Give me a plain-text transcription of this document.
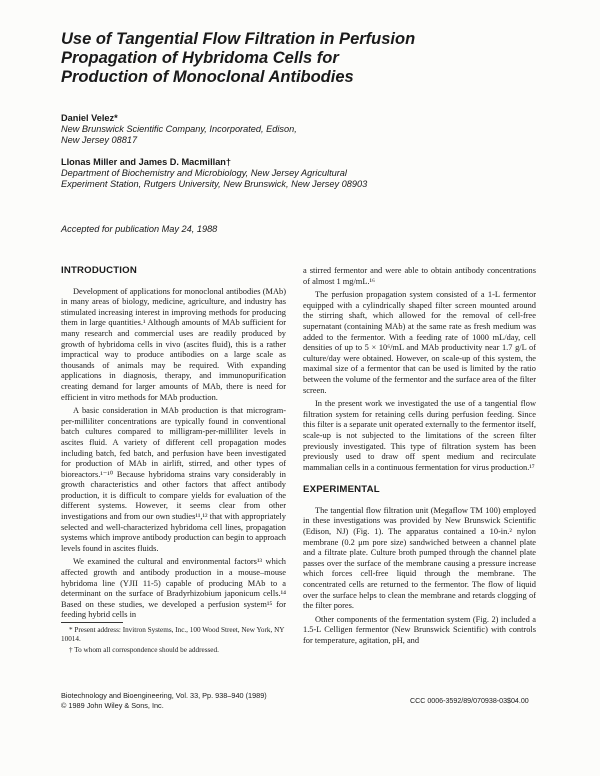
Use of Tangential Flow Filtration in Perfusion
Propagation of Hybridoma Cells for
Production of Monoclonal Antibodies
Daniel Velez*
New Brunswick Scientific Company, Incorporated, Edison,
New Jersey 08817
Llonas Miller and James D. Macmillan†
Department of Biochemistry and Microbiology, New Jersey Agricultural
Experiment Station, Rutgers University, New Brunswick, New Jersey 08903
Accepted for publication May 24, 1988
INTRODUCTION

Development of applications for monoclonal antibodies (MAb) in many areas of biology, medicine, agriculture, and industry has stimulated increasing interest in improving methods for producing them in large quantities.¹ Although amounts of MAb sufficient for many research and commercial uses are readily produced by growth of hybridoma cells in vivo (ascites fluid), this is a rather impractical way to produce antibodies on a large scale as thousands of animals may be required. With expanding applications in diagnosis, therapy, and immunopurification creating demand for larger amounts of MAb, there is need for efficient in vitro methods for MAb production.

A basic consideration in MAb production is that microgram-per-milliliter concentrations are typically found in conventional batch cultures compared to milligram-per-milliliter levels in ascites fluid. A variety of different cell propagation modes including batch, fed batch, and perfusion have been investigated for production of MAb in airlift, stirred, and other types of bioreactors.¹⁻¹⁰ Because hybridoma strains vary considerably in growth characteristics and other factors that affect antibody production, it is difficult to compare yields for evaluation of the different systems. However, it seems clear from other investigations and from our own studies¹¹,¹² that with appropriately selected and well-characterized hybridoma cell lines, propagation systems which improve antibody production can begin to approach levels found in ascites fluids.

We examined the cultural and environmental factors¹³ which affected growth and antibody production in a mouse–mouse hybridoma line (YJII 11-5) capable of producing MAb to a determinant on the surface of Bradyrhizobium japonicum cells.¹⁴ Based on these studies, we developed a perfusion system¹⁵ for feeding hybrid cells in

a stirred fermentor and were able to obtain antibody concentrations of almost 1 mg/mL.¹⁶

The perfusion propagation system consisted of a 1-L fermentor equipped with a cylindrically shaped filter screen mounted around the stirring shaft, which allowed for the removal of cell-free supernatant (containing MAb) at the same rate as fresh medium was added to the fermentor. With a feeding rate of 1000 mL/day, cell densities of up to 5 × 10⁶/mL and MAb productivity near 1.7 g/L of culture/day were obtained. However, on scale-up of this system, the maximal size of a fermentor that can be used is limited by the ratio between the volume of the fermentor and the surface area of the filter screen.

In the present work we investigated the use of a tangential flow filtration system for retaining cells during perfusion feeding. Since this filter is a separate unit operated externally to the fermentor itself, scale-up is not subjected to the limitations of the screen filter previously investigated. This type of filtration system has been previously used to draw off spent medium and recirculate mammalian cells in a continuous fermentation for virus production.¹⁷

EXPERIMENTAL

The tangential flow filtration unit (Megaflow TM 100) employed in these investigations was provided by New Brunswick Scientific (Edison, NJ) (Fig. 1). The apparatus contained a 10-in.² nylon membrane (0.2 μm pore size) sandwiched between a channel plate and a filtrate plate. Culture broth pumped through the channel plate passes over the surface of the membrane causing a pressure increase which forces cell-free liquid through the membrane. The concentrated cells are returned to the fermentor. The flow of liquid over the surface helps to clean the membrane and retards clogging of the filter pores.

Other components of the fermentation system (Fig. 2) included a 1.5-L Celligen fermentor (New Brunswick Scientific) with controls for temperature, agitation, pH, and

* Present address: Invitron Systems, Inc., 100 Wood Street, New York, NY 10014.

† To whom all correspondence should be addressed.

Biotechnology and Bioengineering, Vol. 33, Pp. 938–940 (1989)
© 1989 John Wiley & Sons, Inc.	CCC 0006-3592/89/070938-03$04.00
